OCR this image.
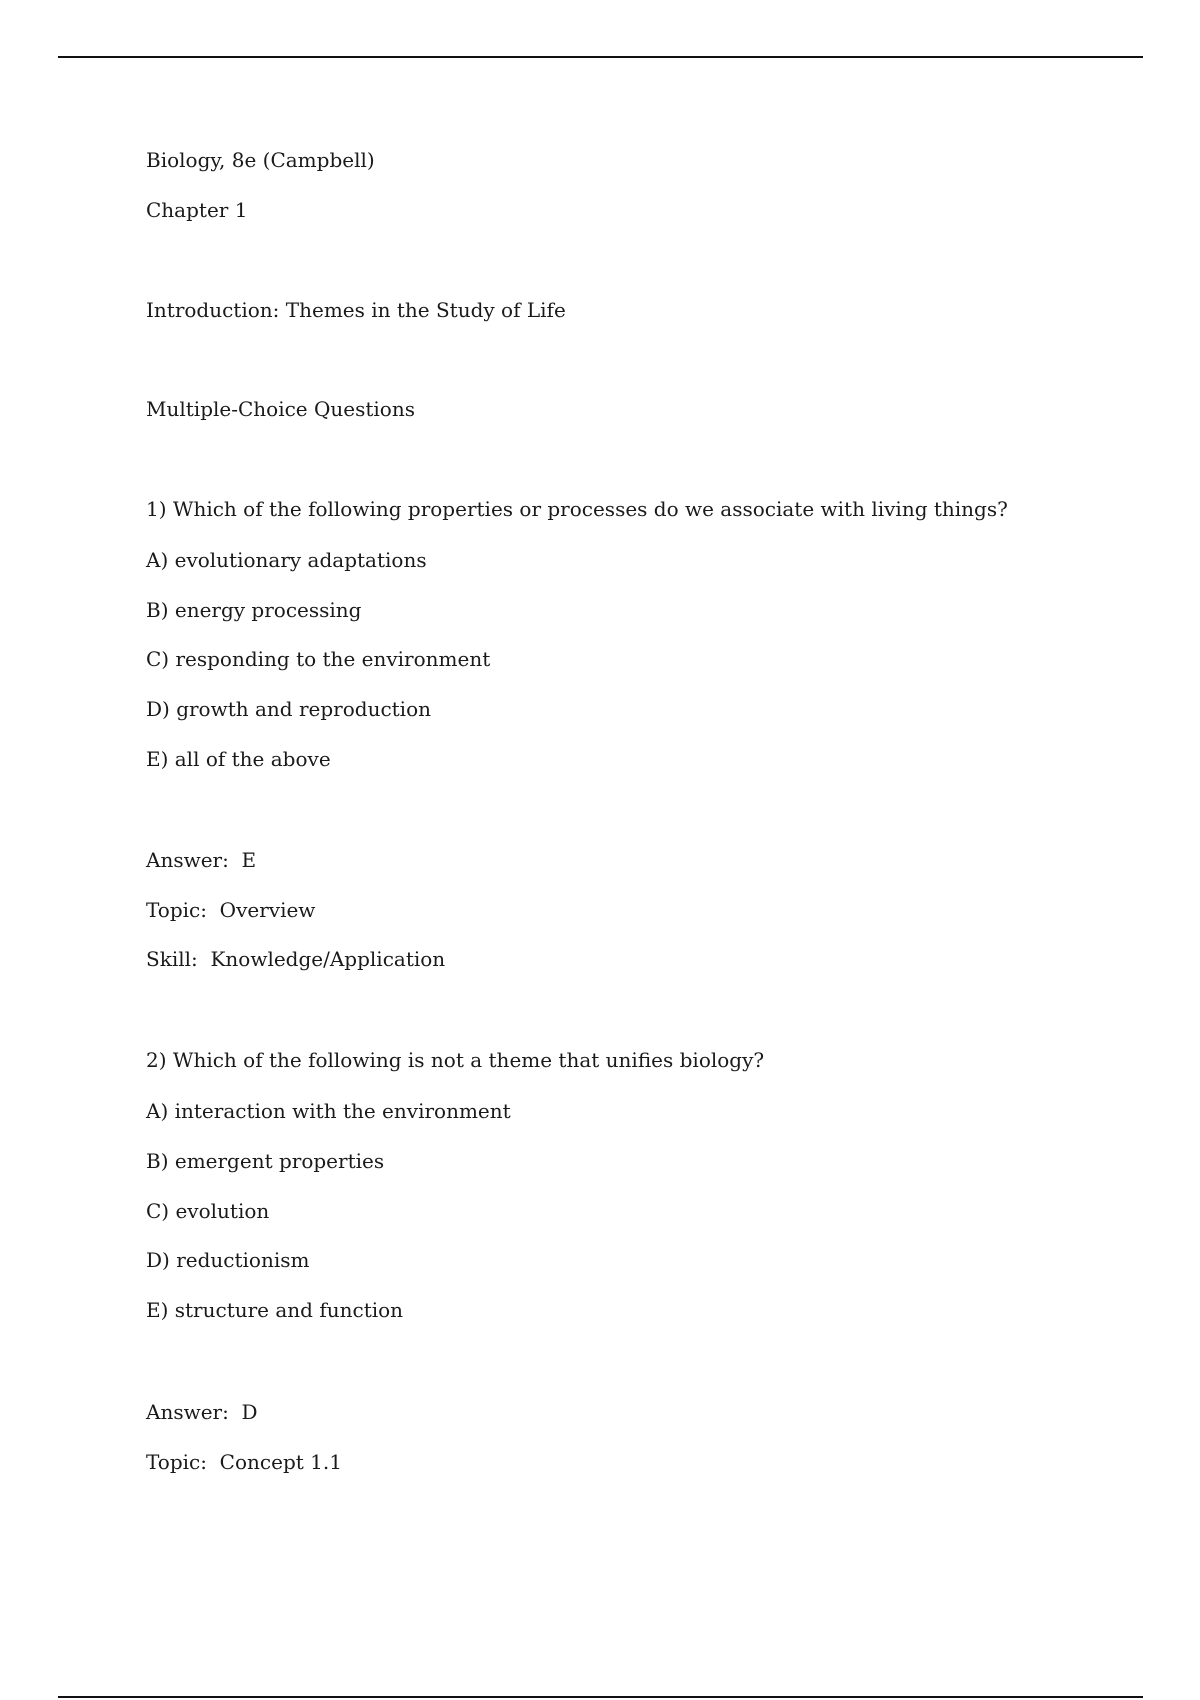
Biology, 8e (Campbell)
Chapter 1
Introduction: Themes in the Study of Life
Multiple-Choice Questions
1) Which of the following properties or processes do we associate with living things?
A) evolutionary adaptations
B) energy processing
C) responding to the environment
D) growth and reproduction
E) all of the above
Answer:  E
Topic:  Overview
Skill:  Knowledge/Application
2) Which of the following is not a theme that unifies biology?
A) interaction with the environment
B) emergent properties
C) evolution
D) reductionism
E) structure and function
Answer:  D
Topic:  Concept 1.1
